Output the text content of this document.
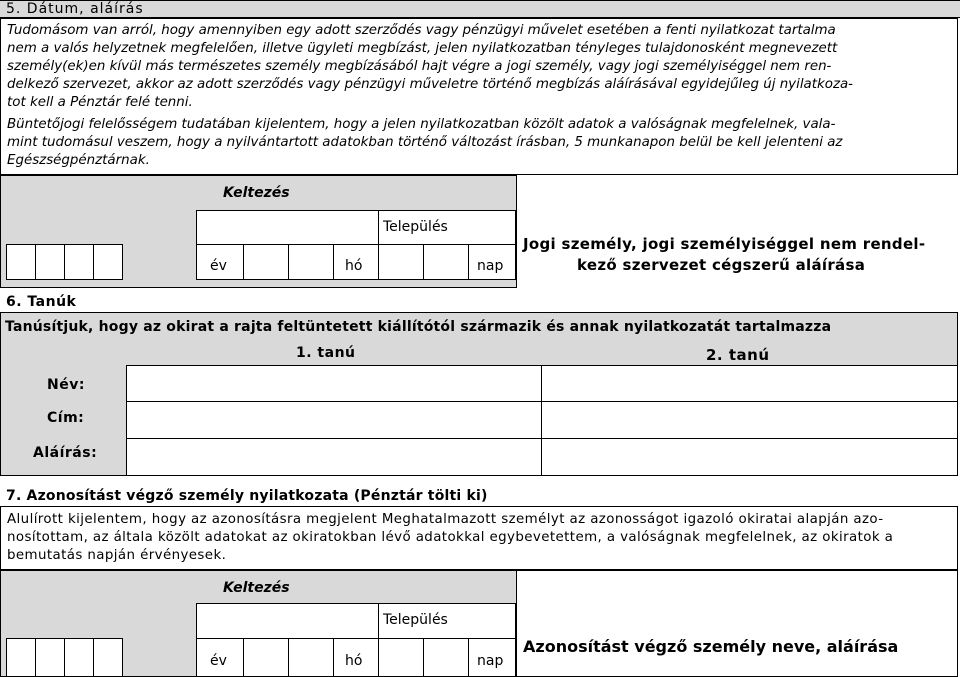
5. Dátum, aláírás
Tudomásom van arról, hogy amennyiben egy adott szerződés vagy pénzügyi művelet esetében a fenti nyilatkozat tartalma
nem a valós helyzetnek megfelelően, illetve ügyleti megbízást, jelen nyilatkozatban tényleges tulajdonosként megnevezett
személy(ek)en kívül más természetes személy megbízásából hajt végre a jogi személy, vagy jogi személyiséggel nem ren-
delkező szervezet, akkor az adott szerződés vagy pénzügyi műveletre történő megbízás aláírásával egyidejűleg új nyilatkoza-
tot kell a Pénztár felé tenni.
Büntetőjogi felelősségem tudatában kijelentem, hogy a jelen nyilatkozatban közölt adatok a valóságnak megfelelnek, vala-
mint tudomásul veszem, hogy a nyilvántartott adatokban történő változást írásban, 5 munkanapon belül be kell jelenteni az
Egészségpénztárnak.
Keltezés
év	hó
Település
nap
Jogi személy, jogi személyiséggel nem rendel-
kező szervezet cégszerű aláírása
6. Tanúk
Tanúsítjuk, hogy az okirat a rajta feltüntetett kiállítótól származik és annak nyilatkozatát tartalmazza
1. tanú	2. tanú
Név:
Cím:
Aláírás:
7. Azonosítást végző személy nyilatkozata (Pénztár tölti ki)
Alulírott kijelentem, hogy az azonosításra megjelent Meghatalmazott személyt az azonosságot igazoló okiratai alapján azo-
nosítottam, az általa közölt adatokat az okiratokban lévő adatokkal egybevetettem, a valóságnak megfelelnek, az okiratok a
bemutatás napján érvényesek.
Keltezés
év	hó
Település
nap
Azonosítást végző személy neve, aláírása
